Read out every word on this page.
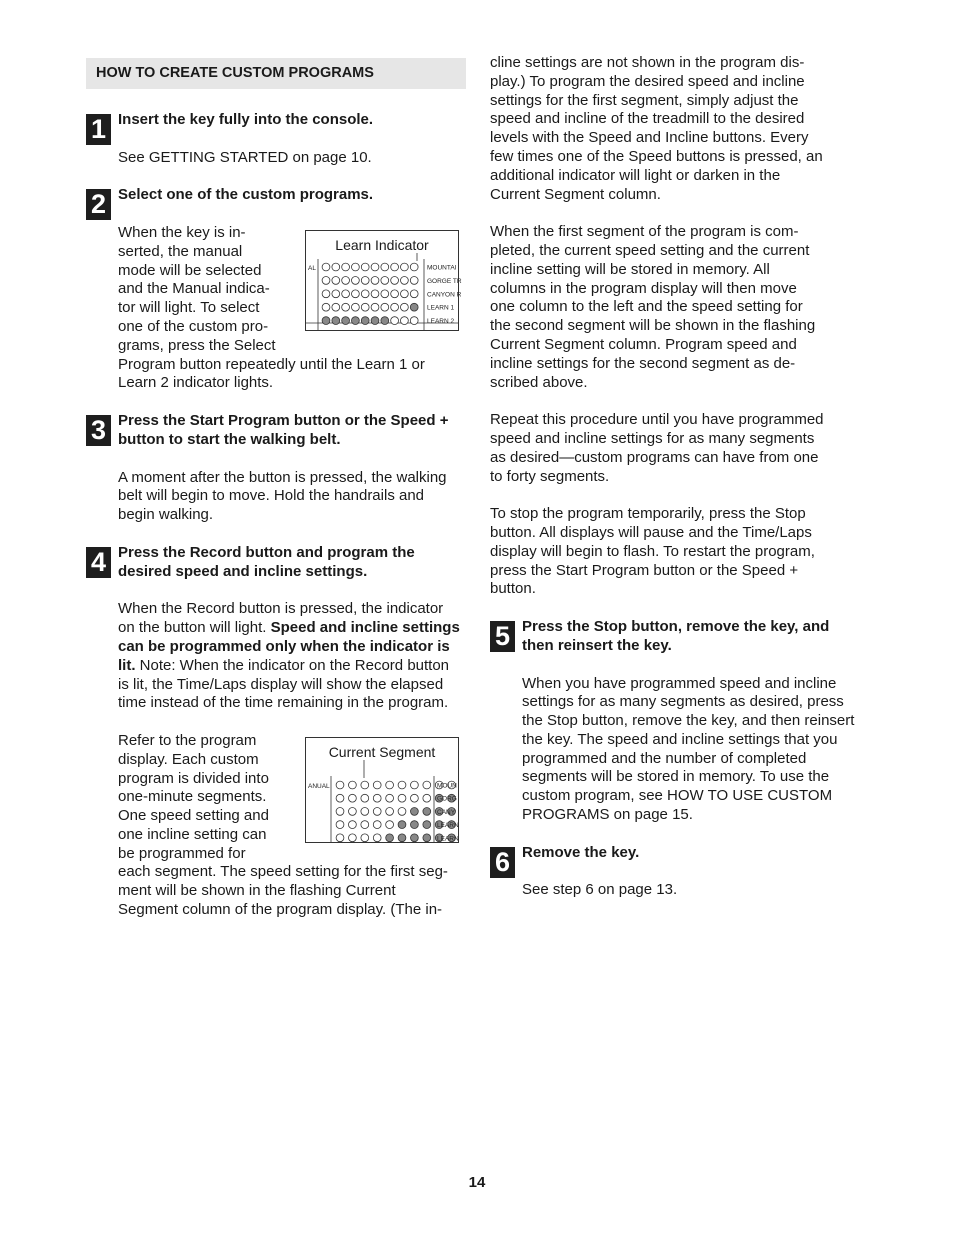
HOW TO CREATE CUSTOM PROGRAMS
1 Insert the key fully into the console.

See GETTING STARTED on page 10.

2 Select one of the custom programs.

Learn Indicator
AL	MOUNTAI
GORGE TR
CANYON R
LEARN 1
LEARN 2
When the key is in-
serted, the manual
mode will be selected
and the Manual indica-
tor will light. To select
one of the custom pro-
grams, press the Select
Program button repeatedly until the Learn 1 or
Learn 2 indicator lights.
3 Press the Start Program button or the Speed +
button to start the walking belt.
A moment after the button is pressed, the walking
belt will begin to move. Hold the handrails and
begin walking.
4 Press the Record button and program the
desired speed and incline settings.
When the Record button is pressed, the indicator
on the button will light. Speed and incline settings
can be programmed only when the indicator is
lit. Note: When the indicator on the Record button
is lit, the Time/Laps display will show the elapsed
time instead of the time remaining in the program.
Current Segment
ANUAL	MOUN
GORG
CANY
LEARN
LEARN
Refer to the program
display. Each custom
program is divided into
one-minute segments.
One speed setting and
one incline setting can
be programmed for
each segment. The speed setting for the first seg-
ment will be shown in the flashing Current
Segment column of the program display. (The in-
cline settings are not shown in the program dis-
play.) To program the desired speed and incline
settings for the first segment, simply adjust the
speed and incline of the treadmill to the desired
levels with the Speed and Incline buttons. Every
few times one of the Speed buttons is pressed, an
additional indicator will light or darken in the
Current Segment column.
When the first segment of the program is com-
pleted, the current speed setting and the current
incline setting will be stored in memory. All
columns in the program display will then move
one column to the left and the speed setting for
the second segment will be shown in the flashing
Current Segment column. Program speed and
incline settings for the second segment as de-
scribed above.
Repeat this procedure until you have programmed
speed and incline settings for as many segments
as desired—custom programs can have from one
to forty segments.
To stop the program temporarily, press the Stop
button. All displays will pause and the Time/Laps
display will begin to flash. To restart the program,
press the Start Program button or the Speed +
button.
5 Press the Stop button, remove the key, and
then reinsert the key.
When you have programmed speed and incline
settings for as many segments as desired, press
the Stop button, remove the key, and then reinsert
the key. The speed and incline settings that you
programmed and the number of completed
segments will be stored in memory. To use the
custom program, see HOW TO USE CUSTOM
PROGRAMS on page 15.
6 Remove the key.

See step 6 on page 13.

14
